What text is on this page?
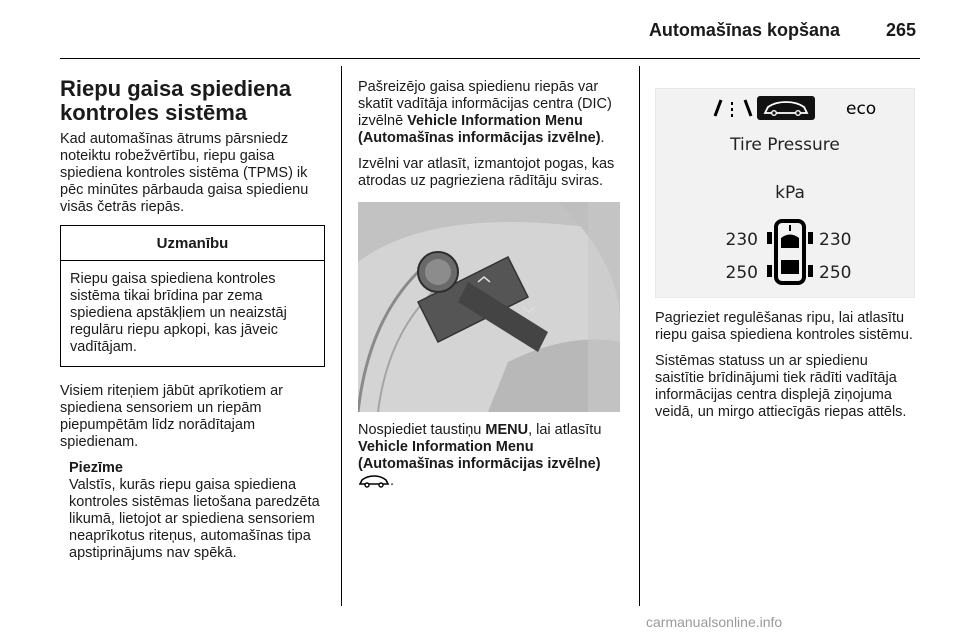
Automašīnas kopšana	265
Riepu gaisa spiediena
kontroles sistēma

Kad automašīnas ātrums pārsniedz noteiktu robežvērtību, riepu gaisa spiediena kontroles sistēma (TPMS) ik pēc minūtes pārbauda gaisa spiedienu visās četrās riepās.

Uzmanību
Riepu gaisa spiediena kontroles sistēma tikai brīdina par zema spiediena apstākļiem un neaizstāj regulāru riepu apkopi, kas jāveic vadītājam.

Visiem riteņiem jābūt aprīkotiem ar spiediena sensoriem un riepām piepumpētām līdz norādītajam spiedienam.

Piezīme
Valstīs, kurās riepu gaisa spiediena kontroles sistēmas lietošana paredzēta likumā, lietojot ar spiediena sensoriem neaprīkotus riteņus, automašīnas tipa apstiprinājums nav spēkā.

Pašreizējo gaisa spiedienu riepās var skatīt vadītāja informācijas centra (DIC) izvēlnē Vehicle Information Menu (Automašīnas informācijas izvēlne).

Izvēlni var atlasīt, izmantojot pogas, kas atrodas uz pagrieziena rādītāju sviras.

Nospiediet taustiņu MENU, lai atlasītu Vehicle Information Menu (Automašīnas informācijas izvēlne)
.

eco
Tire Pressure
kPa
230	230
250	250

Pagrieziet regulēšanas ripu, lai atlasītu riepu gaisa spiediena kontroles sistēmu.

Sistēmas statuss un ar spiedienu saistītie brīdinājumi tiek rādīti vadītāja informācijas centra displejā ziņojuma veidā, un mirgo attiecīgās riepas attēls.

carmanualsonline.info
